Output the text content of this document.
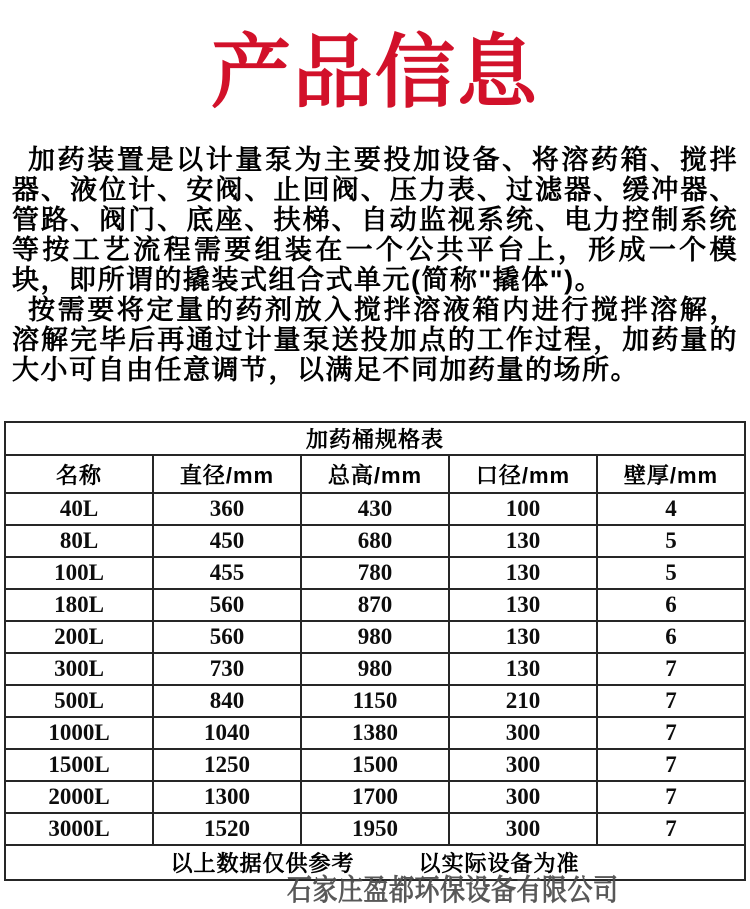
产品信息

加药装置是以计量泵为主要投加设备、将溶药箱、搅拌器、液位计、安阀、止回阀、压力表、过滤器、缓冲器、管路、阀门、底座、扶梯、自动监视系统、电力控制系统等按工艺流程需要组装在一个公共平台上，形成一个模块，即所谓的撬装式组合式单元(简称"撬体")。

按需要将定量的药剂放入搅拌溶液箱内进行搅拌溶解，溶解完毕后再通过计量泵送投加点的工作过程，加药量的大小可自由任意调节，以满足不同加药量的场所。

加药桶规格表				
名称	直径/mm	总高/mm	口径/mm	壁厚/mm
40L	360	430	100	4
80L	450	680	130	5
100L	455	780	130	5
180L	560	870	130	6
200L	560	980	130	6
300L	730	980	130	7
500L	840	1150	210	7
1000L	1040	1380	300	7
1500L	1250	1500	300	7
2000L	1300	1700	300	7
3000L	1520	1950	300	7
以上数据仅供参考 以实际设备为准				
石家庄盈都环保设备有限公司
